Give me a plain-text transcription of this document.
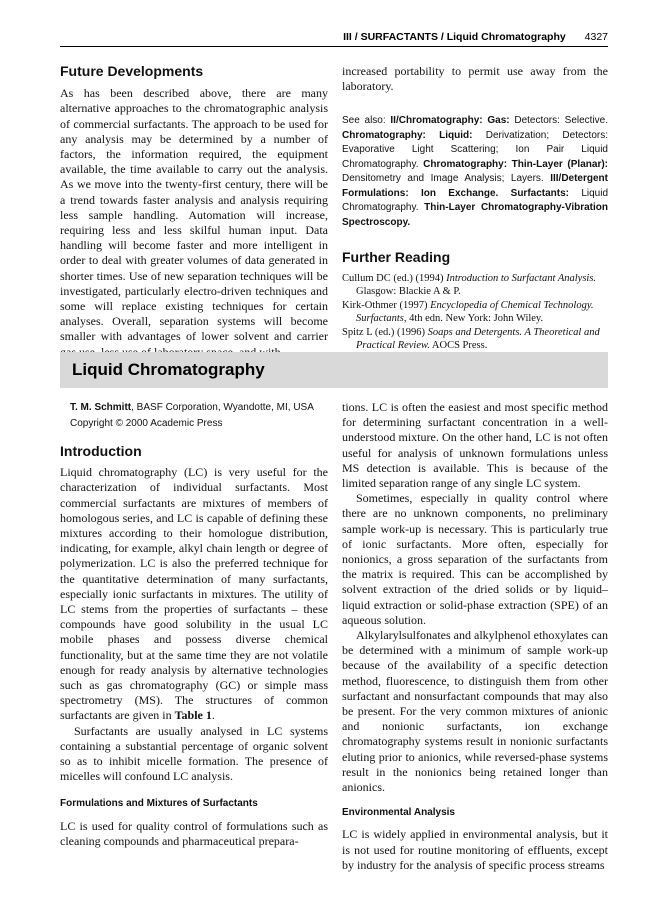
III / SURFACTANTS / Liquid Chromatography 4327
Future Developments

As has been described above, there are many alternative approaches to the chromatographic analysis of commercial surfactants. The approach to be used for any analysis may be determined by a number of factors, the information required, the equipment available, the time available to carry out the analysis. As we move into the twenty-first century, there will be a trend towards faster analysis and analysis requiring less sample handling. Automation will increase, requiring less and less skilful human input. Data handling will become faster and more intelligent in order to deal with greater volumes of data generated in shorter times. Use of new separation techniques will be investigated, particularly electro-driven techniques and some will replace existing techniques for certain analyses. Overall, separation systems will become smaller with advantages of lower solvent and carrier

increased portability to permit use away from the laboratory.

See also: II/Chromatography: Gas: Detectors: Selective. Chromatography: Liquid: Derivatization; Detectors: Evaporative Light Scattering; Ion Pair Liquid Chromatography. Chromatography: Thin-Layer (Planar): Densitometry and Image Analysis; Layers. III/Detergent Formulations: Ion Exchange. Surfactants: Liquid Chromatography. Thin-Layer Chromatography-Vibration Spectroscopy.

Further Reading

Cullum DC (ed.) (1994) Introduction to Surfactant Analysis. Glasgow: Blackie A & P.

Kirk-Othmer (1997) Encyclopedia of Chemical Technology. Surfactants, 4th edn. New York: John Wiley.

Spitz L (ed.) (1996) Soaps and Detergents. A Theoretical and Practical Review. AOCS Press.

Liquid Chromatography
T. M. Schmitt, BASF Corporation, Wyandotte, MI, USA
Copyright © 2000 Academic Press
Introduction

Liquid chromatography (LC) is very useful for the characterization of individual surfactants. Most commercial surfactants are mixtures of members of homologous series, and LC is capable of defining these mixtures according to their homologue distribution, indicating, for example, alkyl chain length or degree of polymerization. LC is also the preferred technique for the quantitative determination of many surfactants, especially ionic surfactants in mixtures. The utility of LC stems from the properties of surfactants – these compounds have good solubility in the usual LC mobile phases and possess diverse chemical functionality, but at the same time they are not volatile enough for ready analysis by alternative technologies such as gas chromatography (GC) or simple mass spectrometry (MS). The structures of common surfactants are given in Table 1.

Surfactants are usually analysed in LC systems containing a substantial percentage of organic solvent so as to inhibit micelle formation. The presence of micelles will confound LC analysis.

Formulations and Mixtures of Surfactants

LC is used for quality control of formulations such as cleaning compounds and pharmaceutical prepara-

tions. LC is often the easiest and most specific method for determining surfactant concentration in a well-understood mixture. On the other hand, LC is not often useful for analysis of unknown formulations unless MS detection is available. This is because of the limited separation range of any single LC system.

Sometimes, especially in quality control where there are no unknown components, no preliminary sample work-up is necessary. This is particularly true of ionic surfactants. More often, especially for nonionics, a gross separation of the surfactants from the matrix is required. This can be accomplished by solvent extraction of the dried solids or by liquid–liquid extraction or solid-phase extraction (SPE) of an aqueous solution.

Alkylarylsulfonates and alkylphenol ethoxylates can be determined with a minimum of sample work-up because of the availability of a specific detection method, fluorescence, to distinguish them from other surfactant and nonsurfactant compounds that may also be present. For the very common mixtures of anionic and nonionic surfactants, ion exchange chromatography systems result in nonionic surfactants eluting prior to anionics, while reversed-phase systems result in the nonionics being retained longer than anionics.

Environmental Analysis

LC is widely applied in environmental analysis, but it is not used for routine monitoring of effluents, except by industry for the analysis of specific process streams
